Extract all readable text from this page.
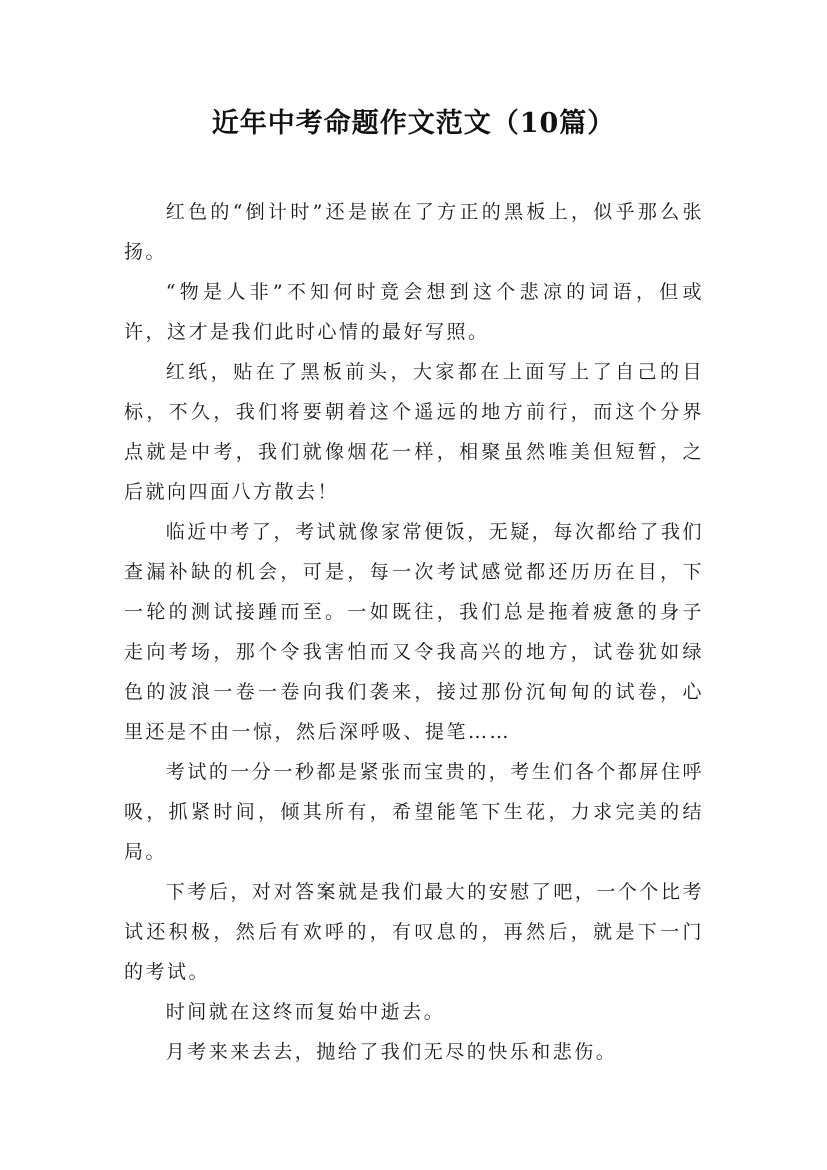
近年中考命题作文范文（10篇）

红色的“倒计时”还是嵌在了方正的黑板上，似乎那么张扬。

“物是人非”不知何时竟会想到这个悲凉的词语，但或许，这才是我们此时心情的最好写照。

红纸，贴在了黑板前头，大家都在上面写上了自己的目标，不久，我们将要朝着这个遥远的地方前行，而这个分界点就是中考，我们就像烟花一样，相聚虽然唯美但短暂，之后就向四面八方散去！

临近中考了，考试就像家常便饭，无疑，每次都给了我们查漏补缺的机会，可是，每一次考试感觉都还历历在目，下一轮的测试接踵而至。一如既往，我们总是拖着疲惫的身子走向考场，那个令我害怕而又令我高兴的地方，试卷犹如绿色的波浪一卷一卷向我们袭来，接过那份沉甸甸的试卷，心里还是不由一惊，然后深呼吸、提笔……

考试的一分一秒都是紧张而宝贵的，考生们各个都屏住呼吸，抓紧时间，倾其所有，希望能笔下生花，力求完美的结局。

下考后，对对答案就是我们最大的安慰了吧，一个个比考试还积极，然后有欢呼的，有叹息的，再然后，就是下一门的考试。

时间就在这终而复始中逝去。

月考来来去去，抛给了我们无尽的快乐和悲伤。
